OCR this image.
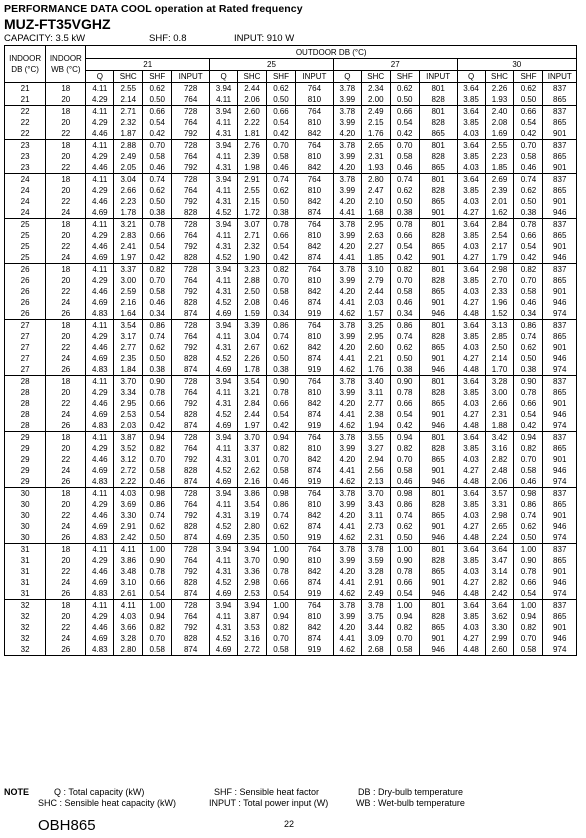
PERFORMANCE DATA COOL operation at Rated frequency
MUZ-FT35VGHZ
CAPACITY: 3.5 kW	SHF: 0.8	INPUT: 910 W
INDOOR DB (°C)	INDOOR WB (°C)	OUTDOOR DB (°C)															
		21				25				27				30			
		Q	SHC	SHF	INPUT	Q	SHC	SHF	INPUT	Q	SHC	SHF	INPUT	Q	SHC	SHF	INPUT
21	18	4.11	2.55	0.62	728	3.94	2.44	0.62	764	3.78	2.34	0.62	801	3.64	2.26	0.62	837
21	20	4.29	2.14	0.50	764	4.11	2.06	0.50	810	3.99	2.00	0.50	828	3.85	1.93	0.50	865
22	18	4.11	2.71	0.66	728	3.94	2.60	0.66	764	3.78	2.49	0.66	801	3.64	2.40	0.66	837
22	20	4.29	2.32	0.54	764	4.11	2.22	0.54	810	3.99	2.15	0.54	828	3.85	2.08	0.54	865
22	22	4.46	1.87	0.42	792	4.31	1.81	0.42	842	4.20	1.76	0.42	865	4.03	1.69	0.42	901
23	18	4.11	2.88	0.70	728	3.94	2.76	0.70	764	3.78	2.65	0.70	801	3.64	2.55	0.70	837
23	20	4.29	2.49	0.58	764	4.11	2.39	0.58	810	3.99	2.31	0.58	828	3.85	2.23	0.58	865
23	22	4.46	2.05	0.46	792	4.31	1.98	0.46	842	4.20	1.93	0.46	865	4.03	1.85	0.46	901
24	18	4.11	3.04	0.74	728	3.94	2.91	0.74	764	3.78	2.80	0.74	801	3.64	2.69	0.74	837
24	20	4.29	2.66	0.62	764	4.11	2.55	0.62	810	3.99	2.47	0.62	828	3.85	2.39	0.62	865
24	22	4.46	2.23	0.50	792	4.31	2.15	0.50	842	4.20	2.10	0.50	865	4.03	2.01	0.50	901
24	24	4.69	1.78	0.38	828	4.52	1.72	0.38	874	4.41	1.68	0.38	901	4.27	1.62	0.38	946
25	18	4.11	3.21	0.78	728	3.94	3.07	0.78	764	3.78	2.95	0.78	801	3.64	2.84	0.78	837
25	20	4.29	2.83	0.66	764	4.11	2.71	0.66	810	3.99	2.63	0.66	828	3.85	2.54	0.66	865
25	22	4.46	2.41	0.54	792	4.31	2.32	0.54	842	4.20	2.27	0.54	865	4.03	2.17	0.54	901
25	24	4.69	1.97	0.42	828	4.52	1.90	0.42	874	4.41	1.85	0.42	901	4.27	1.79	0.42	946
26	18	4.11	3.37	0.82	728	3.94	3.23	0.82	764	3.78	3.10	0.82	801	3.64	2.98	0.82	837
26	20	4.29	3.00	0.70	764	4.11	2.88	0.70	810	3.99	2.79	0.70	828	3.85	2.70	0.70	865
26	22	4.46	2.59	0.58	792	4.31	2.50	0.58	842	4.20	2.44	0.58	865	4.03	2.33	0.58	901
26	24	4.69	2.16	0.46	828	4.52	2.08	0.46	874	4.41	2.03	0.46	901	4.27	1.96	0.46	946
26	26	4.83	1.64	0.34	874	4.69	1.59	0.34	919	4.62	1.57	0.34	946	4.48	1.52	0.34	974
27	18	4.11	3.54	0.86	728	3.94	3.39	0.86	764	3.78	3.25	0.86	801	3.64	3.13	0.86	837
27	20	4.29	3.17	0.74	764	4.11	3.04	0.74	810	3.99	2.95	0.74	828	3.85	2.85	0.74	865
27	22	4.46	2.77	0.62	792	4.31	2.67	0.62	842	4.20	2.60	0.62	865	4.03	2.50	0.62	901
27	24	4.69	2.35	0.50	828	4.52	2.26	0.50	874	4.41	2.21	0.50	901	4.27	2.14	0.50	946
27	26	4.83	1.84	0.38	874	4.69	1.78	0.38	919	4.62	1.76	0.38	946	4.48	1.70	0.38	974
28	18	4.11	3.70	0.90	728	3.94	3.54	0.90	764	3.78	3.40	0.90	801	3.64	3.28	0.90	837
28	20	4.29	3.34	0.78	764	4.11	3.21	0.78	810	3.99	3.11	0.78	828	3.85	3.00	0.78	865
28	22	4.46	2.95	0.66	792	4.31	2.84	0.66	842	4.20	2.77	0.66	865	4.03	2.66	0.66	901
28	24	4.69	2.53	0.54	828	4.52	2.44	0.54	874	4.41	2.38	0.54	901	4.27	2.31	0.54	946
28	26	4.83	2.03	0.42	874	4.69	1.97	0.42	919	4.62	1.94	0.42	946	4.48	1.88	0.42	974
29	18	4.11	3.87	0.94	728	3.94	3.70	0.94	764	3.78	3.55	0.94	801	3.64	3.42	0.94	837
29	20	4.29	3.52	0.82	764	4.11	3.37	0.82	810	3.99	3.27	0.82	828	3.85	3.16	0.82	865
29	22	4.46	3.12	0.70	792	4.31	3.01	0.70	842	4.20	2.94	0.70	865	4.03	2.82	0.70	901
29	24	4.69	2.72	0.58	828	4.52	2.62	0.58	874	4.41	2.56	0.58	901	4.27	2.48	0.58	946
29	26	4.83	2.22	0.46	874	4.69	2.16	0.46	919	4.62	2.13	0.46	946	4.48	2.06	0.46	974
30	18	4.11	4.03	0.98	728	3.94	3.86	0.98	764	3.78	3.70	0.98	801	3.64	3.57	0.98	837
30	20	4.29	3.69	0.86	764	4.11	3.54	0.86	810	3.99	3.43	0.86	828	3.85	3.31	0.86	865
30	22	4.46	3.30	0.74	792	4.31	3.19	0.74	842	4.20	3.11	0.74	865	4.03	2.98	0.74	901
30	24	4.69	2.91	0.62	828	4.52	2.80	0.62	874	4.41	2.73	0.62	901	4.27	2.65	0.62	946
30	26	4.83	2.42	0.50	874	4.69	2.35	0.50	919	4.62	2.31	0.50	946	4.48	2.24	0.50	974
31	18	4.11	4.11	1.00	728	3.94	3.94	1.00	764	3.78	3.78	1.00	801	3.64	3.64	1.00	837
31	20	4.29	3.86	0.90	764	4.11	3.70	0.90	810	3.99	3.59	0.90	828	3.85	3.47	0.90	865
31	22	4.46	3.48	0.78	792	4.31	3.36	0.78	842	4.20	3.28	0.78	865	4.03	3.14	0.78	901
31	24	4.69	3.10	0.66	828	4.52	2.98	0.66	874	4.41	2.91	0.66	901	4.27	2.82	0.66	946
31	26	4.83	2.61	0.54	874	4.69	2.53	0.54	919	4.62	2.49	0.54	946	4.48	2.42	0.54	974
32	18	4.11	4.11	1.00	728	3.94	3.94	1.00	764	3.78	3.78	1.00	801	3.64	3.64	1.00	837
32	20	4.29	4.03	0.94	764	4.11	3.87	0.94	810	3.99	3.75	0.94	828	3.85	3.62	0.94	865
32	22	4.46	3.66	0.82	792	4.31	3.53	0.82	842	4.20	3.44	0.82	865	4.03	3.30	0.82	901
32	24	4.69	3.28	0.70	828	4.52	3.16	0.70	874	4.41	3.09	0.70	901	4.27	2.99	0.70	946
32	26	4.83	2.80	0.58	874	4.69	2.72	0.58	919	4.62	2.68	0.58	946	4.48	2.60	0.58	974
NOTE	Q : Total capacity (kW)	SHF : Sensible heat factor	DB : Dry-bulb temperature
SHC : Sensible heat capacity (kW)	INPUT : Total power input (W)	WB : Wet-bulb temperature
OBH865	22
